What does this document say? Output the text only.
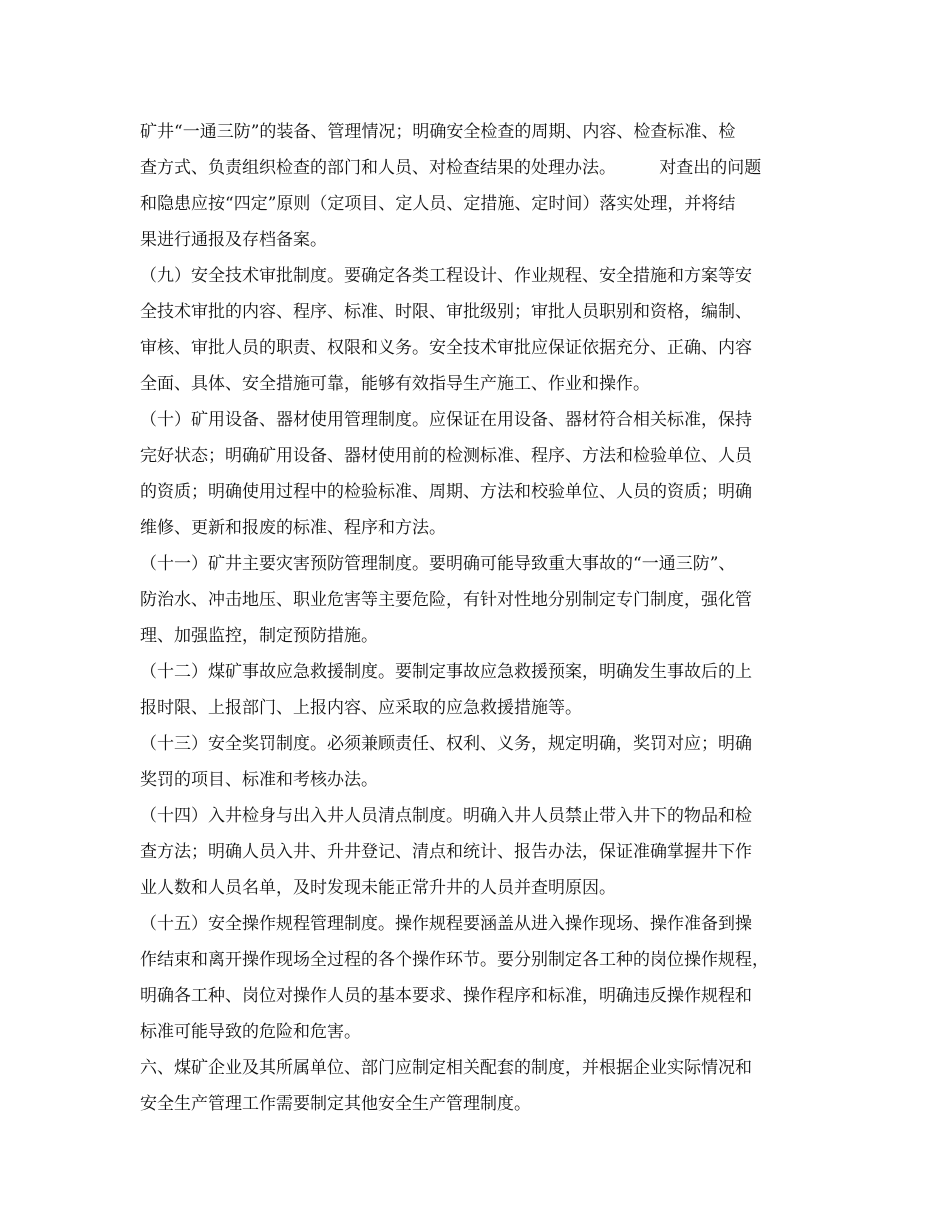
矿井“一通三防”的装备、管理情况；明确安全检查的周期、内容、检查标准、检

查方式、负责组织检查的部门和人员、对检查结果的处理办法。        对查出的问题

和隐患应按“四定”原则（定项目、定人员、定措施、定时间）落实处理，并将结

果进行通报及存档备案。

（九）安全技术审批制度。要确定各类工程设计、作业规程、安全措施和方案等安

全技术审批的内容、程序、标准、时限、审批级别；审批人员职别和资格，编制、

审核、审批人员的职责、权限和义务。安全技术审批应保证依据充分、正确、内容

全面、具体、安全措施可靠，能够有效指导生产施工、作业和操作。

（十）矿用设备、器材使用管理制度。应保证在用设备、器材符合相关标准，保持

完好状态；明确矿用设备、器材使用前的检测标准、程序、方法和检验单位、人员

的资质；明确使用过程中的检验标准、周期、方法和校验单位、人员的资质；明确

维修、更新和报废的标准、程序和方法。

（十一）矿井主要灾害预防管理制度。要明确可能导致重大事故的“一通三防”、

防治水、冲击地压、职业危害等主要危险，有针对性地分别制定专门制度，强化管

理、加强监控，制定预防措施。

（十二）煤矿事故应急救援制度。要制定事故应急救援预案，明确发生事故后的上

报时限、上报部门、上报内容、应采取的应急救援措施等。

（十三）安全奖罚制度。必须兼顾责任、权利、义务，规定明确，奖罚对应；明确

奖罚的项目、标准和考核办法。

（十四）入井检身与出入井人员清点制度。明确入井人员禁止带入井下的物品和检

查方法；明确人员入井、升井登记、清点和统计、报告办法，保证准确掌握井下作

业人数和人员名单，及时发现未能正常升井的人员并查明原因。

（十五）安全操作规程管理制度。操作规程要涵盖从进入操作现场、操作准备到操

作结束和离开操作现场全过程的各个操作环节。要分别制定各工种的岗位操作规程，

明确各工种、岗位对操作人员的基本要求、操作程序和标准，明确违反操作规程和

标准可能导致的危险和危害。

六、煤矿企业及其所属单位、部门应制定相关配套的制度，并根据企业实际情况和

安全生产管理工作需要制定其他安全生产管理制度。
